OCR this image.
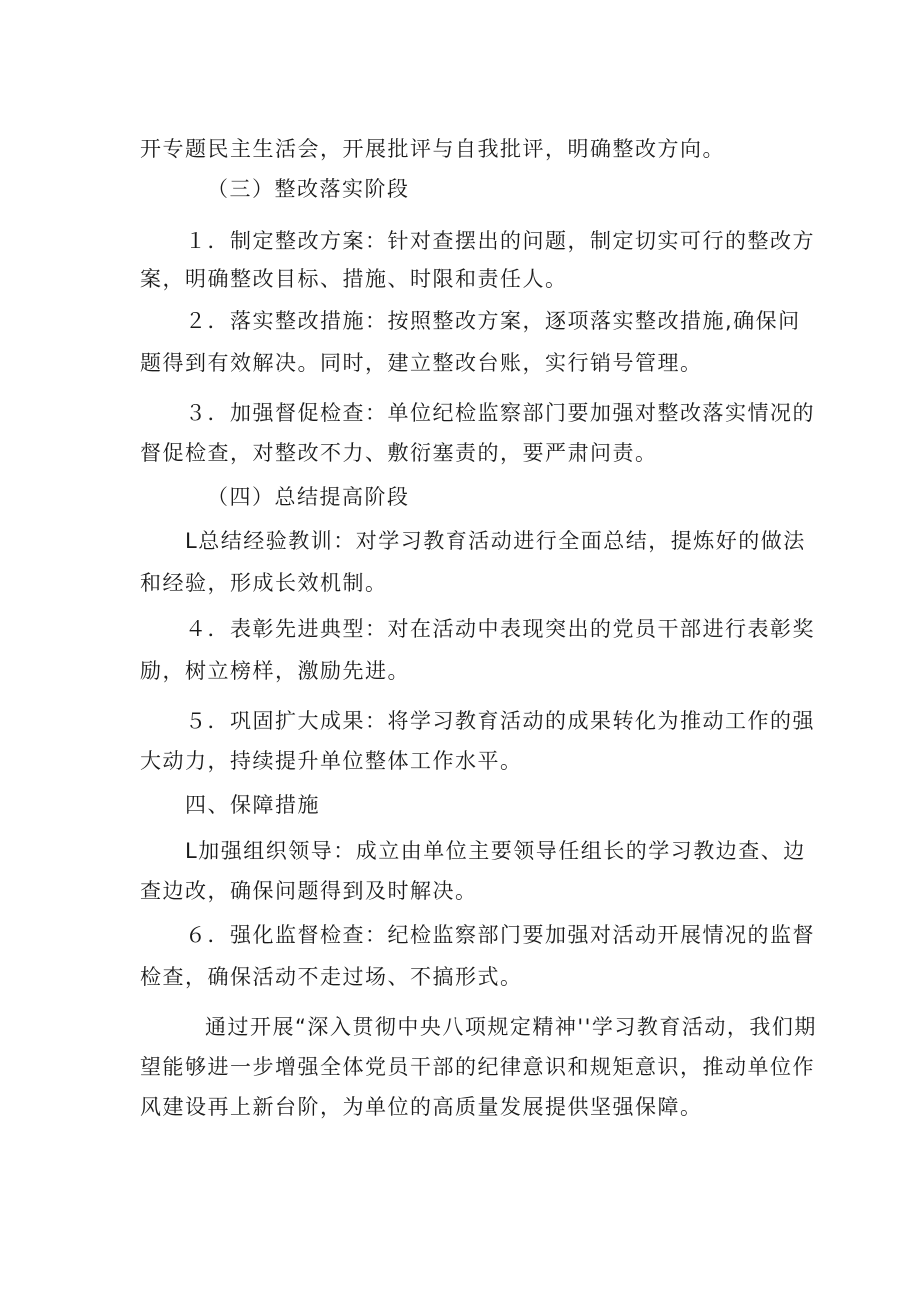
开专题民主生活会，开展批评与自我批评，明确整改方向。
（三）整改落实阶段
１．制定整改方案：针对查摆出的问题，制定切实可行的整改方
案，明确整改目标、措施、时限和责任人。
２．落实整改措施：按照整改方案，逐项落实整改措施,确保问
题得到有效解决。同时，建立整改台账，实行销号管理。
３．加强督促检查：单位纪检监察部门要加强对整改落实情况的
督促检查，对整改不力、敷衍塞责的，要严肃问责。
（四）总结提高阶段
L总结经验教训：对学习教育活动进行全面总结，提炼好的做法
和经验，形成长效机制。
４．表彰先进典型：对在活动中表现突出的党员干部进行表彰奖
励，树立榜样，激励先进。
５．巩固扩大成果：将学习教育活动的成果转化为推动工作的强
大动力，持续提升单位整体工作水平。
四、保障措施
L加强组织领导：成立由单位主要领导任组长的学习教边查、边
查边改，确保问题得到及时解决。
６．强化监督检查：纪检监察部门要加强对活动开展情况的监督
检查，确保活动不走过场、不搞形式。
通过开展“深入贯彻中央八项规定精神''学习教育活动，我们期
望能够进一步增强全体党员干部的纪律意识和规矩意识，推动单位作
风建设再上新台阶，为单位的高质量发展提供坚强保障。
